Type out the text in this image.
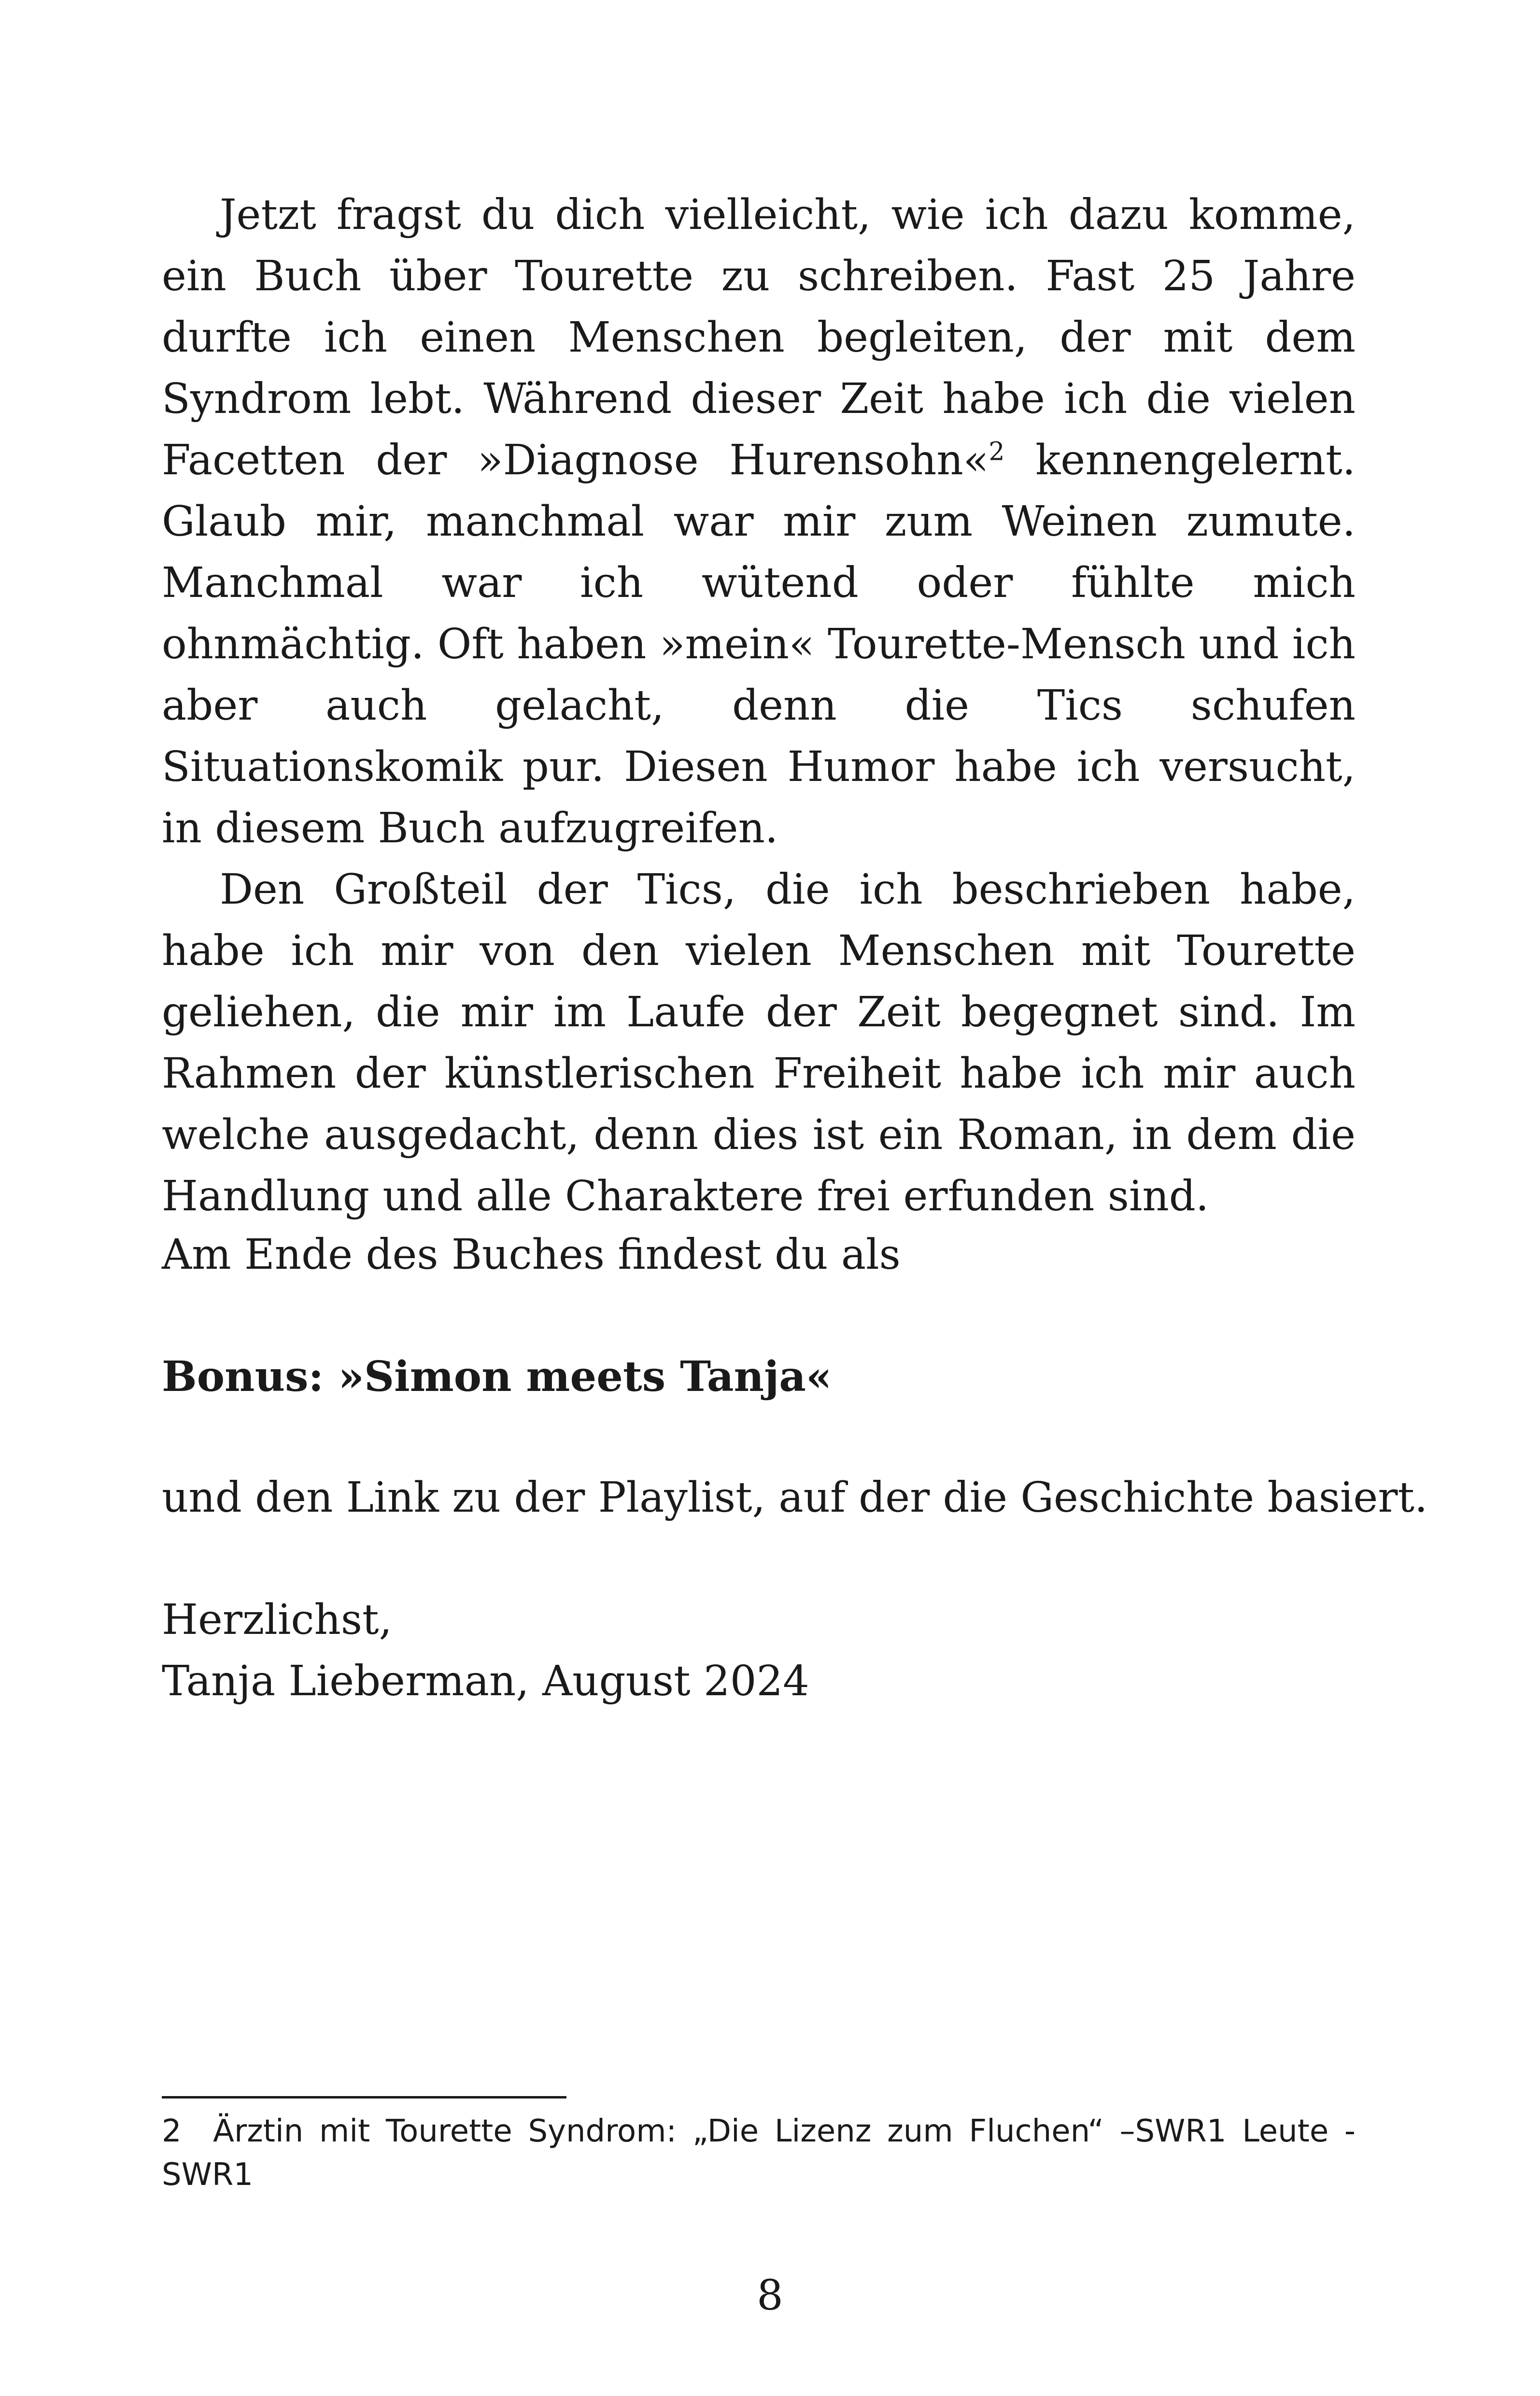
Jetzt fragst du dich vielleicht, wie ich dazu komme, ein Buch über Tourette zu schreiben. Fast 25 Jahre durfte ich einen Menschen begleiten, der mit dem Syndrom lebt. Während dieser Zeit habe ich die vielen Facetten der »Diagnose Hurensohn«$^2$ kennengelernt. Glaub mir, manchmal war mir zum Weinen zumute. Manchmal war ich wütend oder fühlte mich ohnmächtig. Oft haben »mein« Tourette-Mensch und ich aber auch gelacht, denn die Tics schufen Situationskomik pur. Diesen Humor habe ich versucht, in diesem Buch aufzugreifen.

Den Großteil der Tics, die ich beschrieben habe, habe ich mir von den vielen Menschen mit Tourette geliehen, die mir im Laufe der Zeit begegnet sind. Im Rahmen der künstlerischen Freiheit habe ich mir auch welche ausgedacht, denn dies ist ein Roman, in dem die Handlung und alle Charaktere frei erfunden sind.

Am Ende des Buches findest du als

Bonus: »Simon meets Tanja«

und den Link zu der Playlist, auf der die Geschichte basiert.

Herzlichst,

Tanja Lieberman, August 2024

2 Ärztin mit Tourette Syndrom: „Die Lizenz zum Fluchen“ –SWR1 Leute - SWR1

8
